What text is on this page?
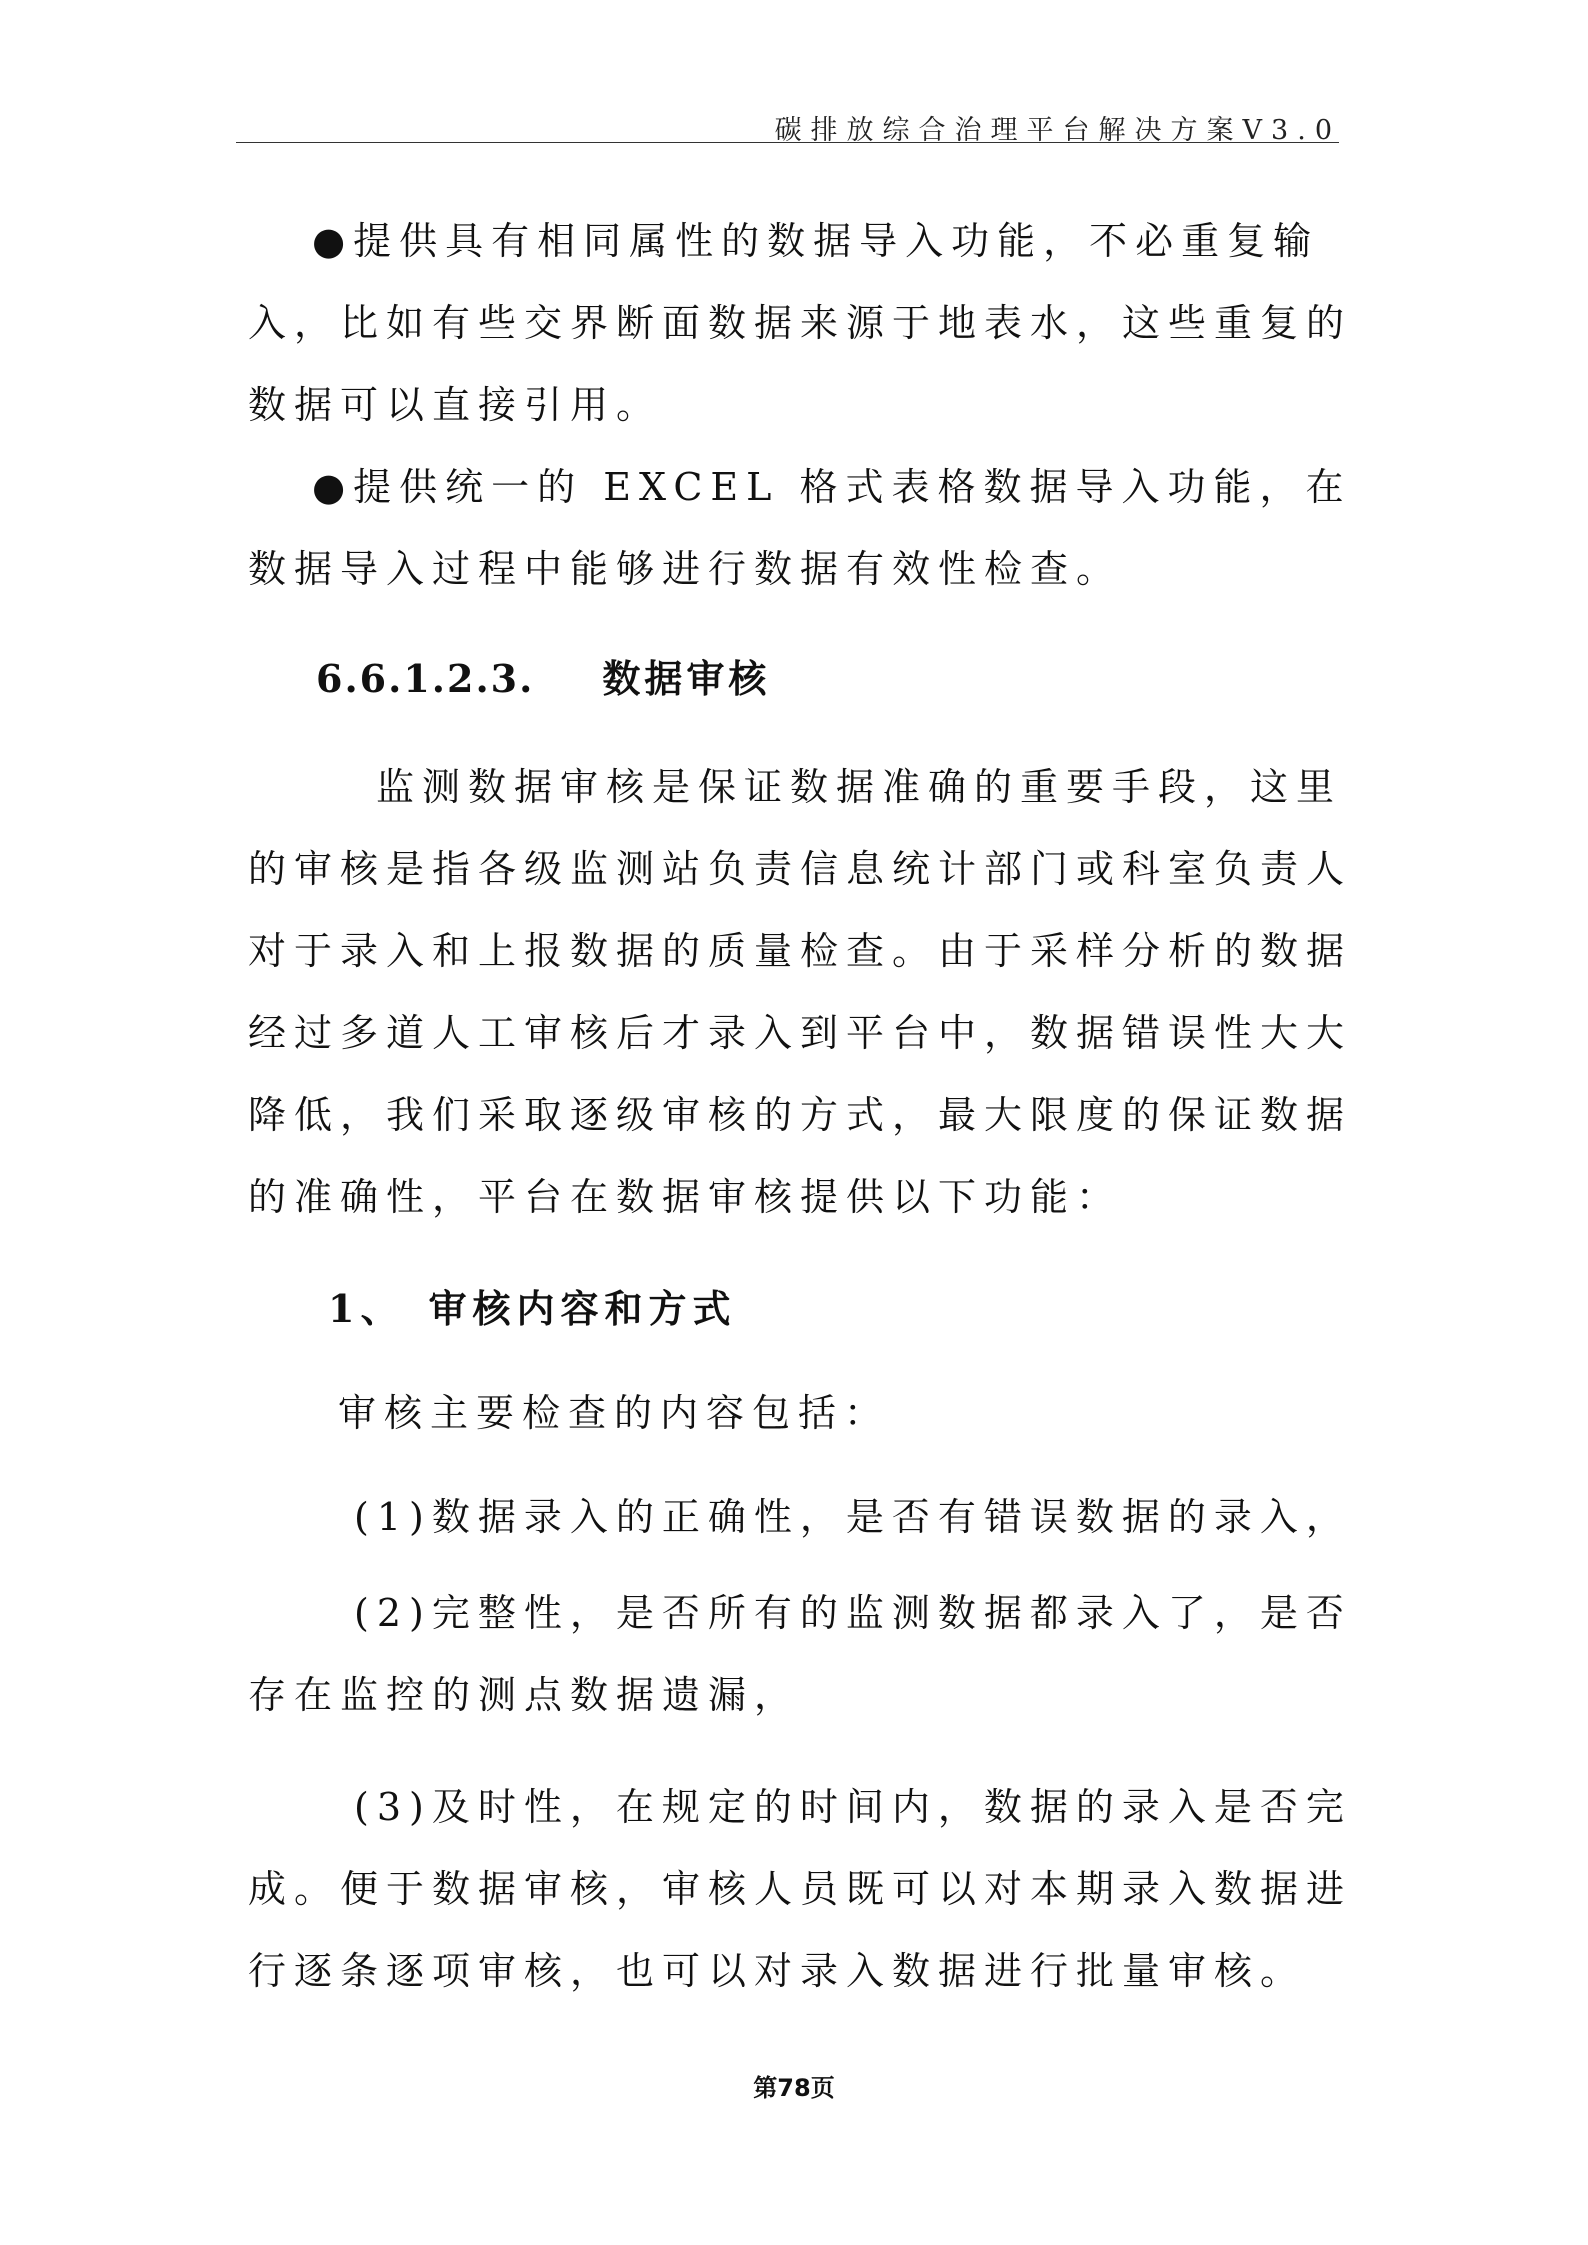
碳排放综合治理平台解决方案V3.0

●提供具有相同属性的数据导入功能，不必重复输入，比如有些交界断面数据来源于地表水，这些重复的数据可以直接引用。

●提供统一的 EXCEL 格式表格数据导入功能，在数据导入过程中能够进行数据有效性检查。

6.6.1.2.3. 数据审核

监测数据审核是保证数据准确的重要手段，这里的审核是指各级监测站负责信息统计部门或科室负责人对于录入和上报数据的质量检查。由于采样分析的数据经过多道人工审核后才录入到平台中，数据错误性大大降低，我们采取逐级审核的方式，最大限度的保证数据的准确性，平台在数据审核提供以下功能：

1、 审核内容和方式

审核主要检查的内容包括：

(1)数据录入的正确性，是否有错误数据的录入，

(2)完整性，是否所有的监测数据都录入了，是否存在监控的测点数据遗漏，

(3)及时性，在规定的时间内，数据的录入是否完成。便于数据审核，审核人员既可以对本期录入数据进行逐条逐项审核，也可以对录入数据进行批量审核。

第78页
